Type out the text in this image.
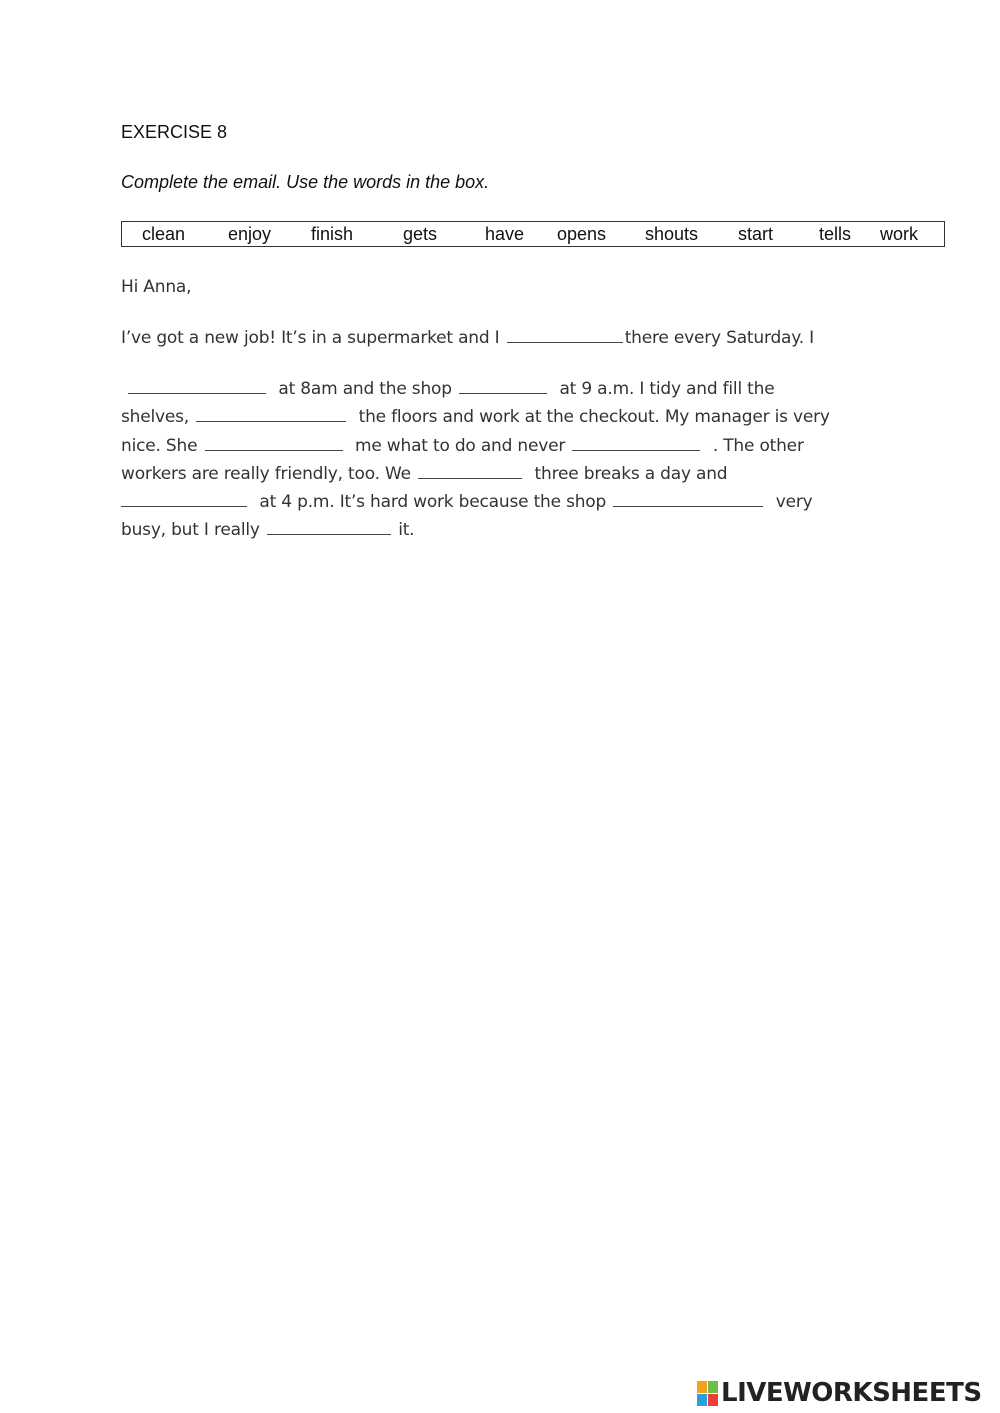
EXERCISE 8
Complete the email. Use the words in the box.
clean enjoy finish	gets	have opens shouts start	tells work
Hi Anna,
I’ve got a new job! It’s in a supermarket and I	there every Saturday. I
at 8am and the shop	at 9 a.m. I tidy and fill the
shelves,	the floors and work at the checkout. My manager is very
nice. She	me what to do and never	. The other
workers are really friendly, too. We	three breaks a day and
at 4 p.m. It’s hard work because the shop	very
busy, but I really	it.
LIVEWORKSHEETS
